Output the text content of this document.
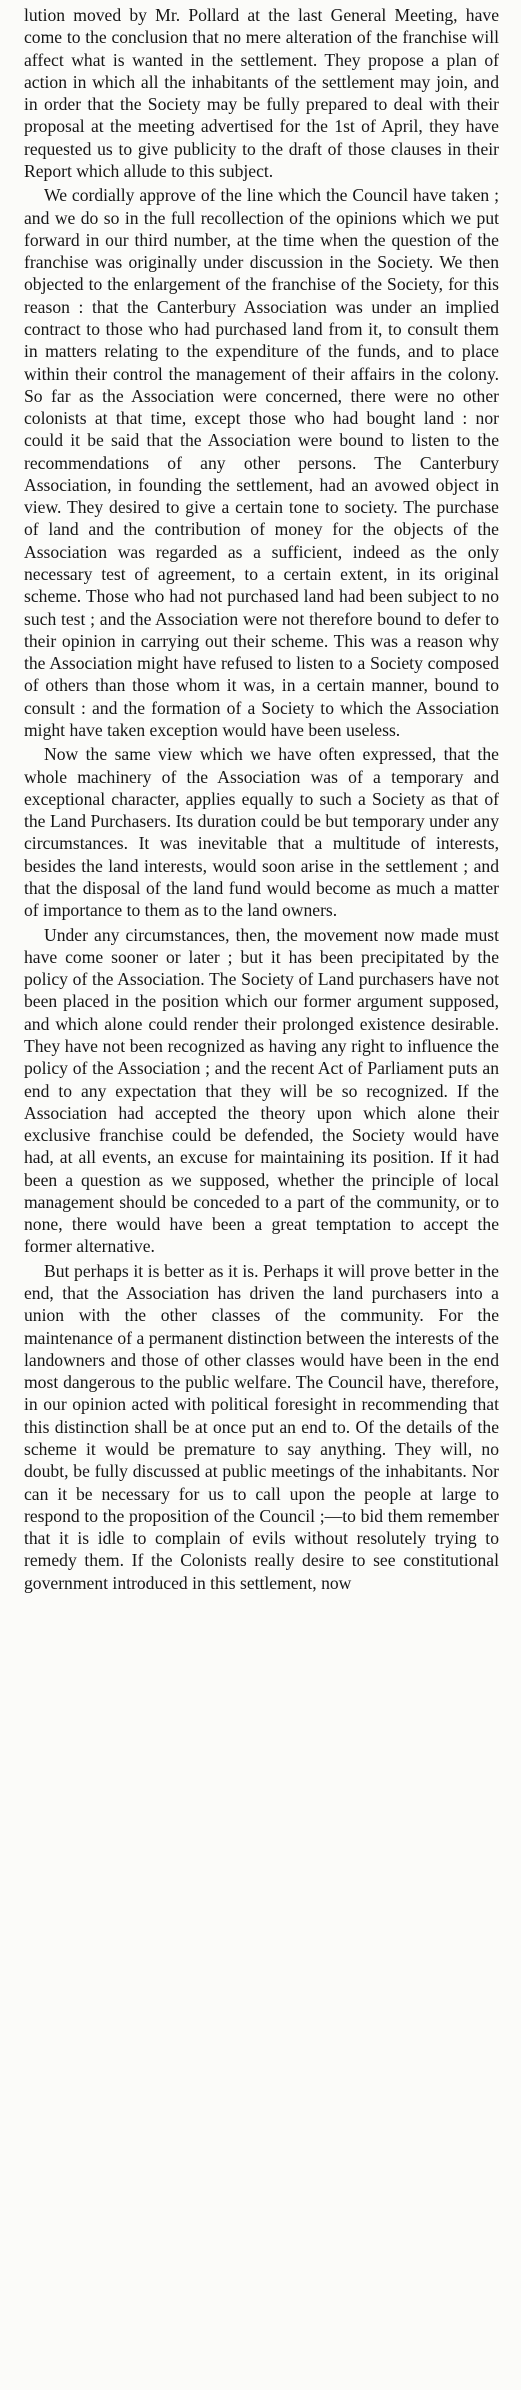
lution moved by Mr. Pollard at the last General Meeting, have come to the conclusion that no mere alteration of the franchise will affect what is wanted in the settlement. They propose a plan of action in which all the inhabitants of the settlement may join, and in order that the Society may be fully prepared to deal with their proposal at the meeting advertised for the 1st of April, they have requested us to give publicity to the draft of those clauses in their Report which allude to this subject.

We cordially approve of the line which the Council have taken ; and we do so in the full recollection of the opinions which we put forward in our third number, at the time when the question of the franchise was originally under discussion in the Society. We then objected to the enlargement of the franchise of the Society, for this reason : that the Canterbury Association was under an implied contract to those who had purchased land from it, to consult them in matters relating to the expenditure of the funds, and to place within their control the management of their affairs in the colony. So far as the Association were concerned, there were no other colonists at that time, except those who had bought land : nor could it be said that the Association were bound to listen to the recommendations of any other persons. The Canterbury Association, in founding the settlement, had an avowed object in view. They desired to give a certain tone to society. The purchase of land and the contribution of money for the objects of the Association was regarded as a sufficient, indeed as the only necessary test of agreement, to a certain extent, in its original scheme. Those who had not purchased land had been subject to no such test ; and the Association were not therefore bound to defer to their opinion in carrying out their scheme. This was a reason why the Association might have refused to listen to a Society composed of others than those whom it was, in a certain manner, bound to consult : and the formation of a Society to which the Association might have taken exception would have been useless.

Now the same view which we have often expressed, that the whole machinery of the Association was of a temporary and exceptional character, applies equally to such a Society as that of the Land Purchasers. Its duration could be but temporary under any circumstances. It was inevitable that a multitude of interests, besides the land interests, would soon arise in the settlement ; and that the disposal of the land fund would become as much a matter of importance to them as to the land owners.

Under any circumstances, then, the movement now made must have come sooner or later ; but it has been precipitated by the policy of the Association. The Society of Land purchasers have not been placed in the position which our former argument supposed, and which alone could render their prolonged existence desirable. They have not been recognized as having any right to influence the policy of the Association ; and the recent Act of Parliament puts an end to any expectation that they will be so recognized. If the Association had accepted the theory upon which alone their exclusive franchise could be defended, the Society would have had, at all events, an excuse for maintaining its position. If it had been a question as we supposed, whether the principle of local management should be conceded to a part of the community, or to none, there would have been a great temptation to accept the former alternative.

But perhaps it is better as it is. Perhaps it will prove better in the end, that the Association has driven the land purchasers into a union with the other classes of the community. For the maintenance of a permanent distinction between the interests of the landowners and those of other classes would have been in the end most dangerous to the public welfare. The Council have, therefore, in our opinion acted with political foresight in recommending that this distinction shall be at once put an end to. Of the details of the scheme it would be premature to say anything. They will, no doubt, be fully discussed at public meetings of the inhabitants. Nor can it be necessary for us to call upon the people at large to respond to the proposition of the Council ;—to bid them remember that it is idle to complain of evils without resolutely trying to remedy them. If the Colonists really desire to see constitutional government introduced in this settlement, now
